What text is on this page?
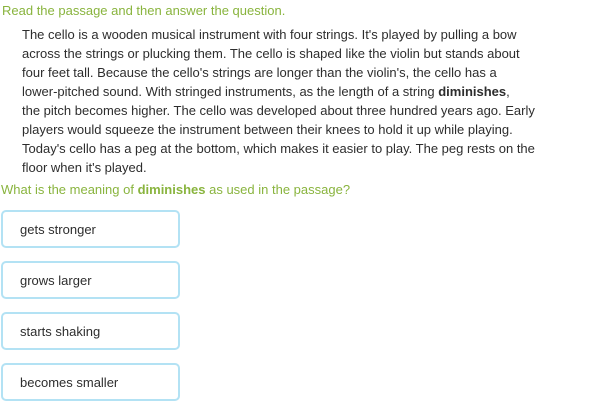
Read the passage and then answer the question.
The cello is a wooden musical instrument with four strings. It's played by pulling a bow
across the strings or plucking them. The cello is shaped like the violin but stands about
four feet tall. Because the cello's strings are longer than the violin's, the cello has a
lower-pitched sound. With stringed instruments, as the length of a string diminishes,
the pitch becomes higher. The cello was developed about three hundred years ago. Early
players would squeeze the instrument between their knees to hold it up while playing.
Today's cello has a peg at the bottom, which makes it easier to play. The peg rests on the
floor when it's played.
What is the meaning of diminishes as used in the passage?
gets stronger
grows larger
starts shaking
becomes smaller
